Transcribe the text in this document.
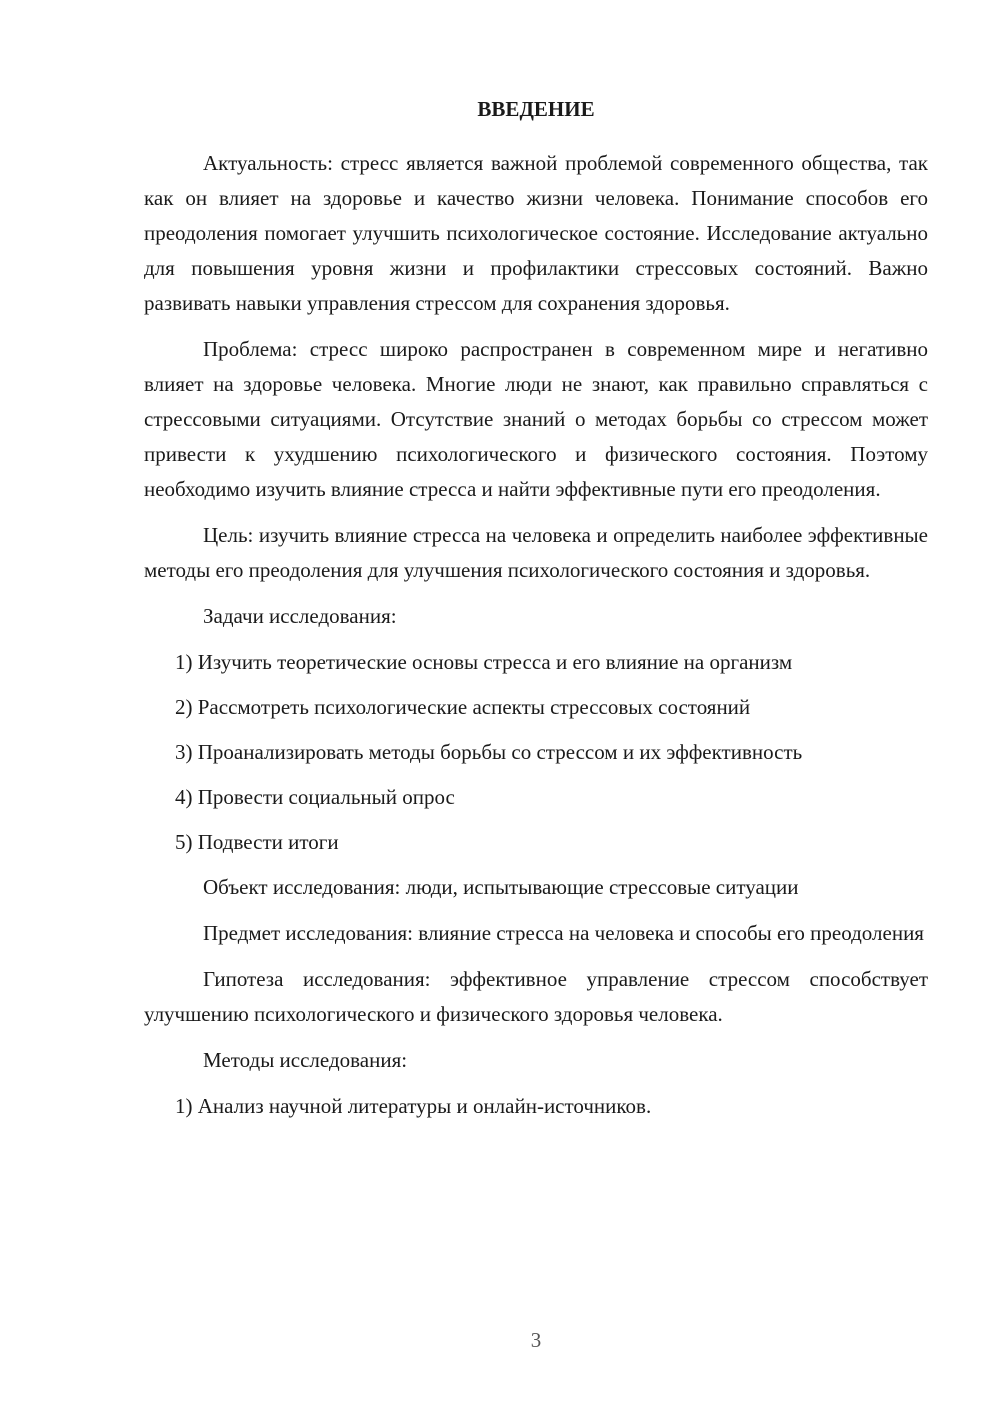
ВВЕДЕНИЕ

Актуальность: стресс является важной проблемой современного общества, так как он влияет на здоровье и качество жизни человека. Понимание способов его преодоления помогает улучшить психологическое состояние. Исследование актуально для повышения уровня жизни и профилактики стрессовых состояний. Важно развивать навыки управления стрессом для сохранения здоровья.

Проблема: стресс широко распространен в современном мире и негативно влияет на здоровье человека. Многие люди не знают, как правильно справляться с стрессовыми ситуациями. Отсутствие знаний о методах борьбы со стрессом может привести к ухудшению психологического и физического состояния. Поэтому необходимо изучить влияние стресса и найти эффективные пути его преодоления.

Цель: изучить влияние стресса на человека и определить наиболее эффективные методы его преодоления для улучшения психологического состояния и здоровья.

Задачи исследования:

1) Изучить теоретические основы стресса и его влияние на организм

2) Рассмотреть психологические аспекты стрессовых состояний

3) Проанализировать методы борьбы со стрессом и их эффективность

4) Провести социальный опрос

5) Подвести итоги

Объект исследования: люди, испытывающие стрессовые ситуации

Предмет исследования: влияние стресса на человека и способы его преодоления

Гипотеза исследования: эффективное управление стрессом способствует улучшению психологического и физического здоровья человека.

Методы исследования:

1) Анализ научной литературы и онлайн-источников.

3
